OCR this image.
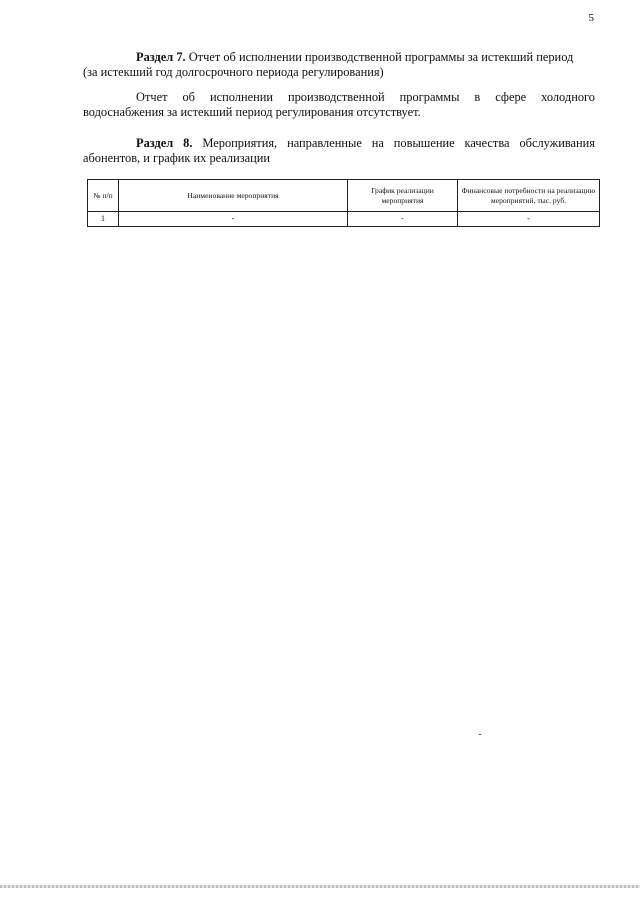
5
Раздел 7. Отчет об исполнении производственной программы за истекший период
(за истекший год долгосрочного периода регулирования)
Отчет об исполнении производственной программы в сфере холодного водоснабжения за истекший период регулирования отсутствует.
Раздел 8. Мероприятия, направленные на повышение качества обслуживания абонентов, и график их реализации
№ п/п	Наименование мероприятия	График реализации мероприятия	Финансовые потребности на реализацию мероприятий, тыс. руб.
1	-	-	-
